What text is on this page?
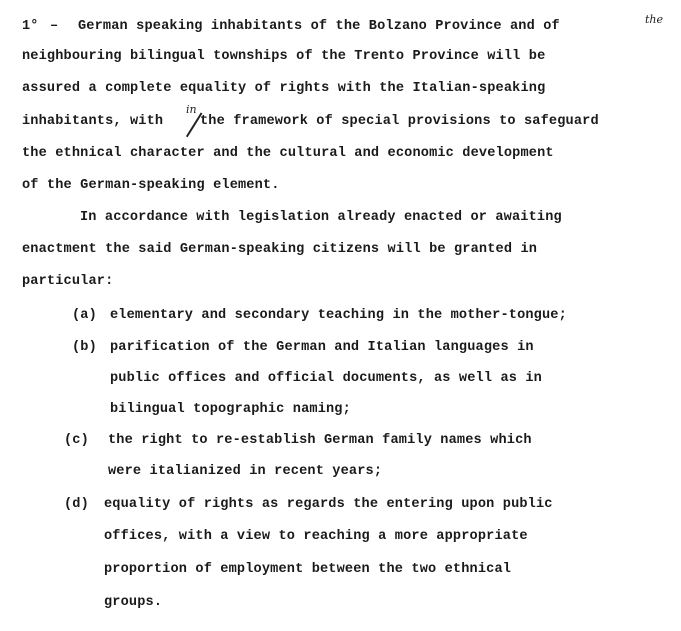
1° – German speaking inhabitants of the Bolzano Province and of	the
neighbouring bilingual townships of the Trento Province will be
assured a complete equality of rights with the Italian-speaking
inhabitants, with
in
the framework of special provisions to safeguard
the ethnical character and the cultural and economic development
of the German-speaking element.
In accordance with legislation already enacted or awaiting
enactment the said German-speaking citizens will be granted in
particular:
(a) elementary and secondary teaching in the mother-tongue;
(b) parification of the German and Italian languages in
public offices and official documents, as well as in
bilingual topographic naming;
(c) the right to re-establish German family names which
were italianized in recent years;
(d) equality of rights as regards the entering upon public
offices, with a view to reaching a more appropriate
proportion of employment between the two ethnical
groups.
